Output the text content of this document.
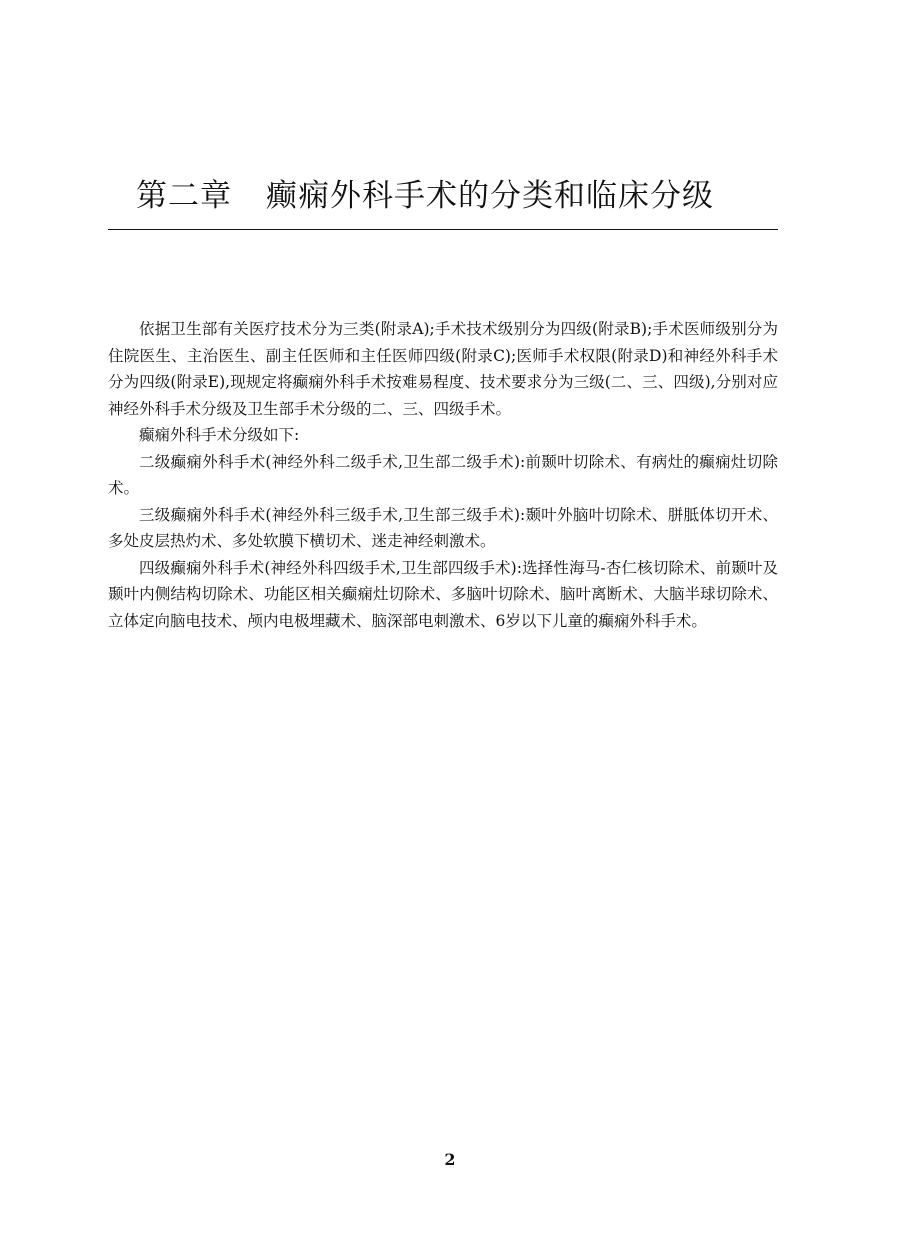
第二章 癫痫外科手术的分类和临床分级

依据卫生部有关医疗技术分为三类(附录A);手术技术级别分为四级(附录B);手术医师级别分为住院医生、主治医生、副主任医师和主任医师四级(附录C);医师手术权限(附录D)和神经外科手术分为四级(附录E),现规定将癫痫外科手术按难易程度、技术要求分为三级(二、三、四级),分别对应神经外科手术分级及卫生部手术分级的二、三、四级手术。

癫痫外科手术分级如下:

二级癫痫外科手术(神经外科二级手术,卫生部二级手术):前颞叶切除术、有病灶的癫痫灶切除术。

三级癫痫外科手术(神经外科三级手术,卫生部三级手术):颞叶外脑叶切除术、胼胝体切开术、多处皮层热灼术、多处软膜下横切术、迷走神经刺激术。

四级癫痫外科手术(神经外科四级手术,卫生部四级手术):选择性海马-杏仁核切除术、前颞叶及颞叶内侧结构切除术、功能区相关癫痫灶切除术、多脑叶切除术、脑叶离断术、大脑半球切除术、立体定向脑电技术、颅内电极埋藏术、脑深部电刺激术、6岁以下儿童的癫痫外科手术。

2
